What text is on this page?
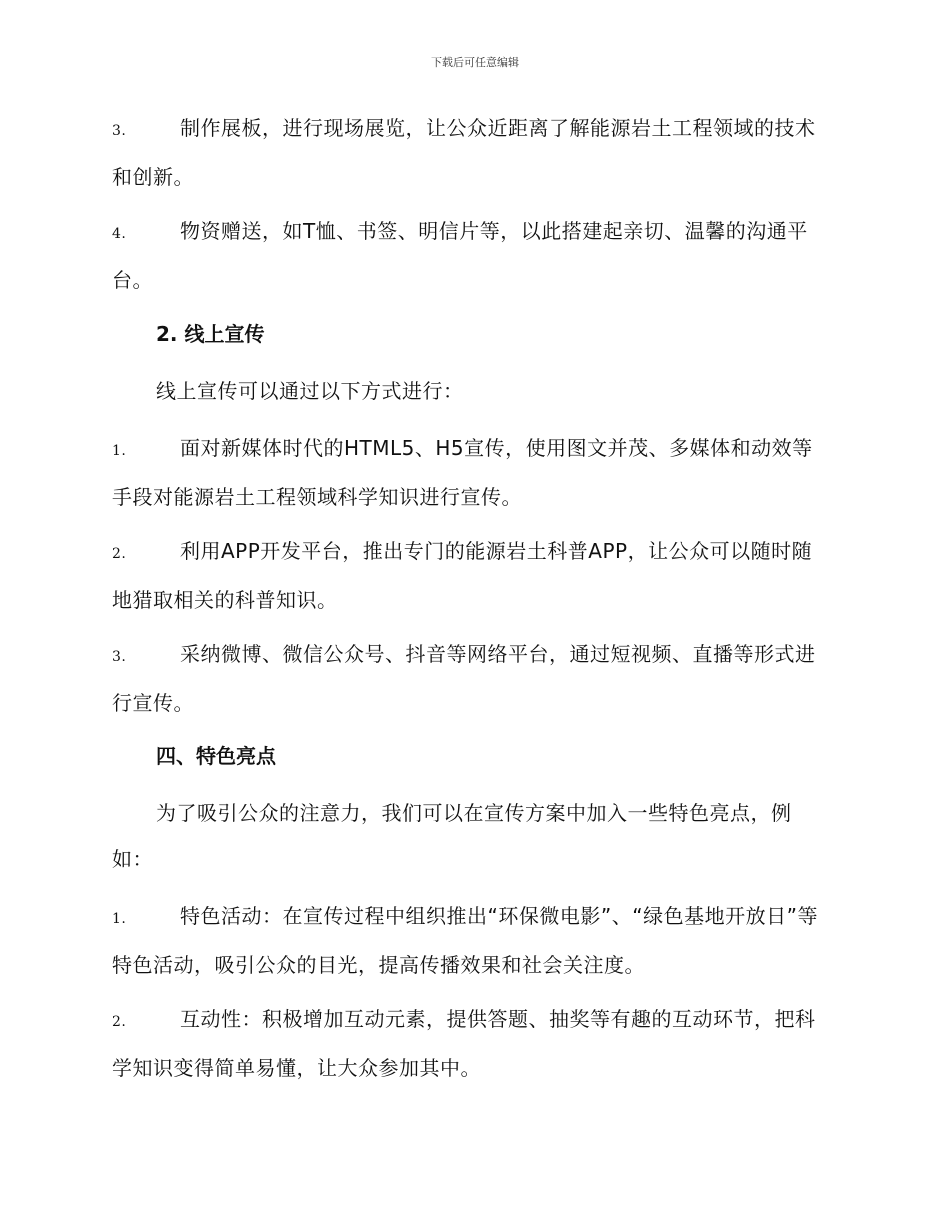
下载后可任意编辑
3.	制作展板，进行现场展览，让公众近距离了解能源岩土工程领域的技术和创新。
4.	物资赠送，如T恤、书签、明信片等，以此搭建起亲切、温馨的沟通平台。
2. 线上宣传
线上宣传可以通过以下方式进行：
1.	面对新媒体时代的HTML5、H5宣传，使用图文并茂、多媒体和动效等手段对能源岩土工程领域科学知识进行宣传。
2.	利用APP开发平台，推出专门的能源岩土科普APP，让公众可以随时随地猎取相关的科普知识。
3.	采纳微博、微信公众号、抖音等网络平台，通过短视频、直播等形式进行宣传。
四、特色亮点
为了吸引公众的注意力，我们可以在宣传方案中加入一些特色亮点，例如：
1.	特色活动：在宣传过程中组织推出“环保微电影”、“绿色基地开放日”等特色活动，吸引公众的目光，提高传播效果和社会关注度。
2.	互动性：积极增加互动元素，提供答题、抽奖等有趣的互动环节，把科学知识变得简单易懂，让大众参加其中。
